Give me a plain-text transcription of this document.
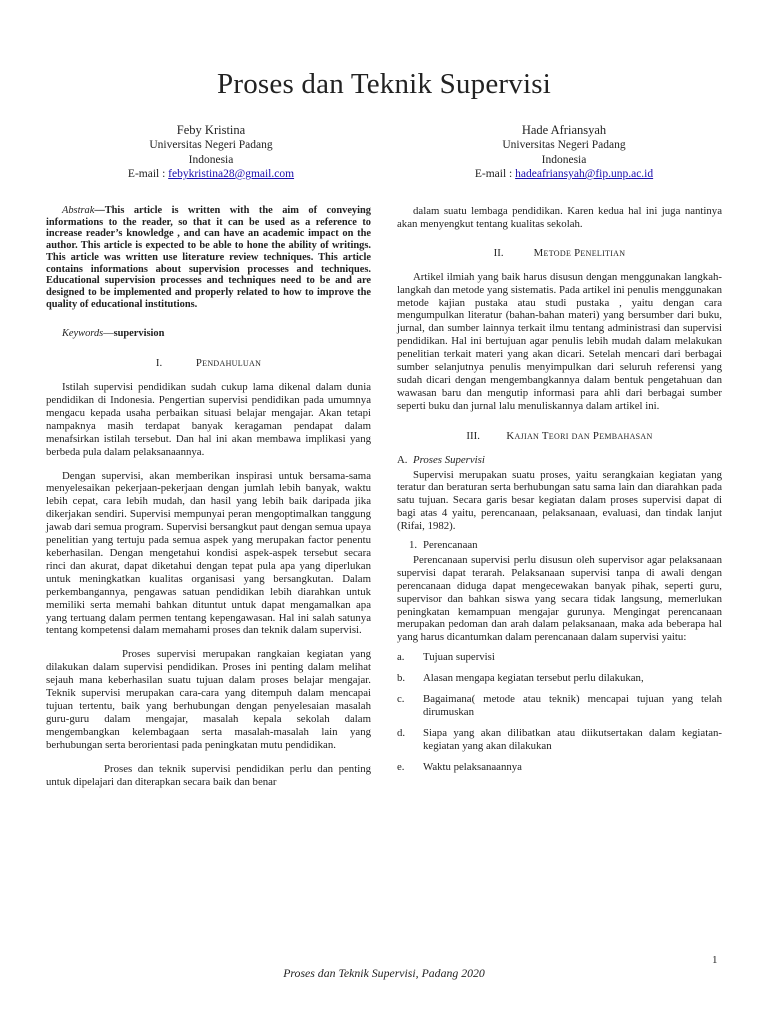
Proses dan Teknik Supervisi
Feby Kristina
Universitas Negeri Padang
Indonesia
E-mail : febykristina28@gmail.com
Hade Afriansyah
Universitas Negeri Padang
Indonesia
E-mail : hadeafriansyah@fip.unp.ac.id

Abstrak—This article is written with the aim of conveying informations to the reader, so that it can be used as a reference to increase reader’s knowledge , and can have an academic impact on the author. This article is expected to be able to hone the ability of writings. This article was written use literature review techniques. This article contains informations about supervision processes and techniques. Educational supervision processes and techniques need to be and are designed to be implemented and properly related to how to improve the quality of educational institutions.

Keywords—supervision

I.	Pendahuluan

Istilah supervisi pendidikan sudah cukup lama dikenal dalam dunia pendidikan di Indonesia. Pengertian supervisi pendidikan pada umumnya mengacu kepada usaha perbaikan situasi belajar mengajar. Akan tetapi nampaknya masih terdapat banyak keragaman pendapat dalam menafsirkan istilah tersebut. Dan hal ini akan membawa implikasi yang berbeda pula dalam pelaksanaannya.

Dengan supervisi, akan memberikan inspirasi untuk bersama-sama menyelesaikan pekerjaan-pekerjaan dengan jumlah lebih banyak, waktu lebih cepat, cara lebih mudah, dan hasil yang lebih baik daripada jika dikerjakan sendiri. Supervisi mempunyai peran mengoptimalkan tanggung jawab dari semua program. Supervisi bersangkut paut dengan semua upaya penelitian yang tertuju pada semua aspek yang merupakan factor penentu keberhasilan. Dengan mengetahui kondisi aspek-aspek tersebut secara rinci dan akurat, dapat diketahui dengan tepat pula apa yang diperlukan untuk meningkatkan kualitas organisasi yang bersangkutan. Dalam perkembangannya, pengawas satuan pendidikan lebih diarahkan untuk memiliki serta memahi bahkan dituntut untuk dapat mengamalkan apa yang tertuang dalam permen tentang kepengawasan. Hal ini salah satunya tentang kompetensi dalam memahami proses dan teknik dalam supervisi.

Proses supervisi merupakan rangkaian kegiatan yang dilakukan dalam supervisi pendidikan. Proses ini penting dalam melihat sejauh mana keberhasilan suatu tujuan dalam proses belajar mengajar. Teknik supervisi merupakan cara-cara yang ditempuh dalam mencapai tujuan tertentu, baik yang berhubungan dengan penyelesaian masalah guru-guru dalam mengajar, masalah kepala sekolah dalam mengembangkan kelembagaan serta masalah-masalah lain yang berhubungan serta berorientasi pada peningkatan mutu pendidikan.

Proses dan teknik supervisi pendidikan perlu dan penting untuk dipelajari dan diterapkan secara baik dan benar

dalam suatu lembaga pendidikan. Karen kedua hal ini juga nantinya akan menyengkut tentang kualitas sekolah.

II.	Metode Penelitian

Artikel ilmiah yang baik harus disusun dengan menggunakan langkah-langkah dan metode yang sistematis. Pada artikel ini penulis menggunakan metode kajian pustaka atau studi pustaka , yaitu dengan cara mengumpulkan literatur (bahan-bahan materi) yang bersumber dari buku, jurnal, dan sumber lainnya terkait ilmu tentang administrasi dan supervisi pendidikan. Hal ini bertujuan agar penulis lebih mudah dalam melakukan penelitian terkait materi yang akan dicari. Setelah mencari dari berbagai sumber selanjutnya penulis menyimpulkan dari seluruh referensi yang sudah dicari dengan mengembangkannya dalam bentuk pengetahuan dan wawasan baru dan mengutip informasi para ahli dari berbagai sumber seperti buku dan jurnal lalu menuliskannya dalam artikel ini.

III. Kajian Teori dan Pembahasan
A. Proses Supervisi

Supervisi merupakan suatu proses, yaitu serangkaian kegiatan yang teratur dan beraturan serta berhubungan satu sama lain dan diarahkan pada satu tujuan. Secara garis besar kegiatan dalam proses supervisi dapat di bagi atas 4 yaitu, perencanaan, pelaksanaan, evaluasi, dan tindak lanjut (Rifai, 1982).

1. Perencanaan

Perencanaan supervisi perlu disusun oleh supervisor agar pelaksanaan supervisi dapat terarah. Pelaksanaan supervisi tanpa di awali dengan perencanaan diduga dapat mengecewakan banyak pihak, seperti guru, supervisor dan bahkan siswa yang secara tidak langsung, memerlukan peningkatan kemampuan mengajar gurunya. Mengingat perencanaan merupakan pedoman dan arah dalam pelaksanaan, maka ada beberapa hal yang harus dicantumkan dalam perencanaan dalam supervisi yaitu:

a.	Tujuan supervisi
b.	Alasan mengapa kegiatan tersebut perlu dilakukan,
c.	Bagaimana( metode atau teknik) mencapai tujuan yang telah dirumuskan
d.	Siapa yang akan dilibatkan atau diikutsertakan dalam kegiatan-kegiatan yang akan dilakukan
e.	Waktu pelaksanaannya
1
Proses dan Teknik Supervisi, Padang 2020
